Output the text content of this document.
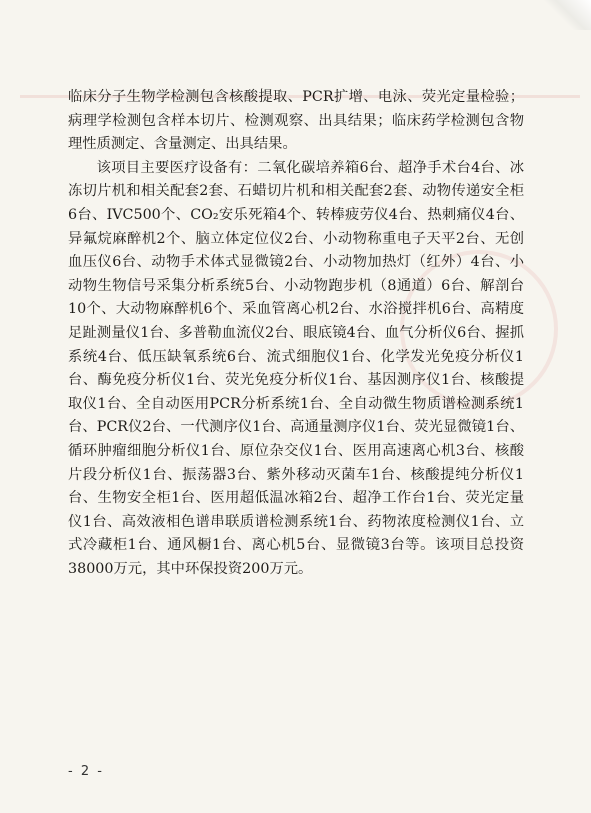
临床分子生物学检测包含核酸提取、PCR扩增、电泳、荧光定量检验；病理学检测包含样本切片、检测观察、出具结果；临床药学检测包含物理性质测定、含量测定、出具结果。

该项目主要医疗设备有：二氧化碳培养箱6台、超净手术台4台、冰冻切片机和相关配套2套、石蜡切片机和相关配套2套、动物传递安全柜6台、IVC500个、CO₂安乐死箱4个、转棒疲劳仪4台、热刺痛仪4台、异氟烷麻醉机2个、脑立体定位仪2台、小动物称重电子天平2台、无创血压仪6台、动物手术体式显微镜2台、小动物加热灯（红外）4台、小动物生物信号采集分析系统5台、小动物跑步机（8通道）6台、解剖台10个、大动物麻醉机6个、采血管离心机2台、水浴搅拌机6台、高精度足趾测量仪1台、多普勒血流仪2台、眼底镜4台、血气分析仪6台、握抓系统4台、低压缺氧系统6台、流式细胞仪1台、化学发光免疫分析仪1台、酶免疫分析仪1台、荧光免疫分析仪1台、基因测序仪1台、核酸提取仪1台、全自动医用PCR分析系统1台、全自动微生物质谱检测系统1台、PCR仪2台、一代测序仪1台、高通量测序仪1台、荧光显微镜1台、循环肿瘤细胞分析仪1台、原位杂交仪1台、医用高速离心机3台、核酸片段分析仪1台、振荡器3台、紫外移动灭菌车1台、核酸提纯分析仪1台、生物安全柜1台、医用超低温冰箱2台、超净工作台1台、荧光定量仪1台、高效液相色谱串联质谱检测系统1台、药物浓度检测仪1台、立式冷藏柜1台、通风橱1台、离心机5台、显微镜3台等。该项目总投资38000万元，其中环保投资200万元。

- 2 -
